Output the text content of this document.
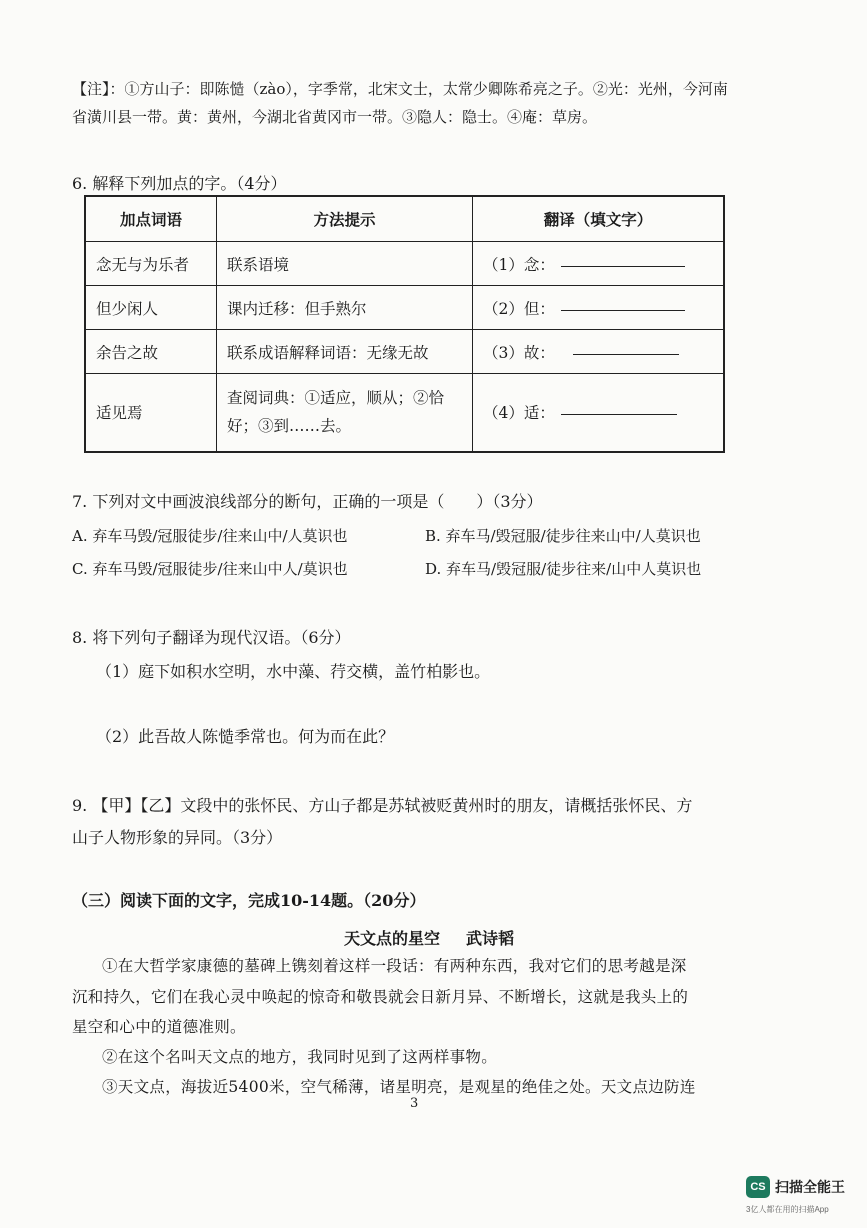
【注】：①方山子：即陈慥（zào），字季常，北宋文士，太常少卿陈希亮之子。②光：光州，今河南
省潢川县一带。黄：黄州，今湖北省黄冈市一带。③隐人：隐士。④庵：草房。
6. 解释下列加点的字。（4分）
加点词语	方法提示	翻译（填文字）
念无与为乐者	联系语境	（1）念：
但少闲人	课内迁移：但手熟尔	（2）但：
余告之故	联系成语解释词语：无缘无故	（3）故：
适见焉	查阅词典：①适应，顺从；②恰
好；③到……去。	（4）适：
7. 下列对文中画波浪线部分的断句，正确的一项是（　　）（3分）
A. 弃车马毁/冠服徒步/往来山中/人莫识也	B. 弃车马/毁冠服/徒步往来山中/人莫识也
C. 弃车马毁/冠服徒步/往来山中人/莫识也	D. 弃车马/毁冠服/徒步往来/山中人莫识也
8. 将下列句子翻译为现代汉语。（6分）
（1）庭下如积水空明，水中藻、荇交横，盖竹柏影也。
（2）此吾故人陈慥季常也。何为而在此？
9. 【甲】【乙】文段中的张怀民、方山子都是苏轼被贬黄州时的朋友，请概括张怀民、方
山子人物形象的异同。（3分）
（三）阅读下面的文字，完成10-14题。（20分）
天文点的星空 武诗韬
①在大哲学家康德的墓碑上镌刻着这样一段话：有两种东西，我对它们的思考越是深
沉和持久，它们在我心灵中唤起的惊奇和敬畏就会日新月异、不断增长，这就是我头上的
星空和心中的道德准则。
②在这个名叫天文点的地方，我同时见到了这两样事物。
③天文点，海拔近5400米，空气稀薄，诸星明亮，是观星的绝佳之处。天文点边防连
3
CS 扫描全能王
3亿人都在用的扫描App
